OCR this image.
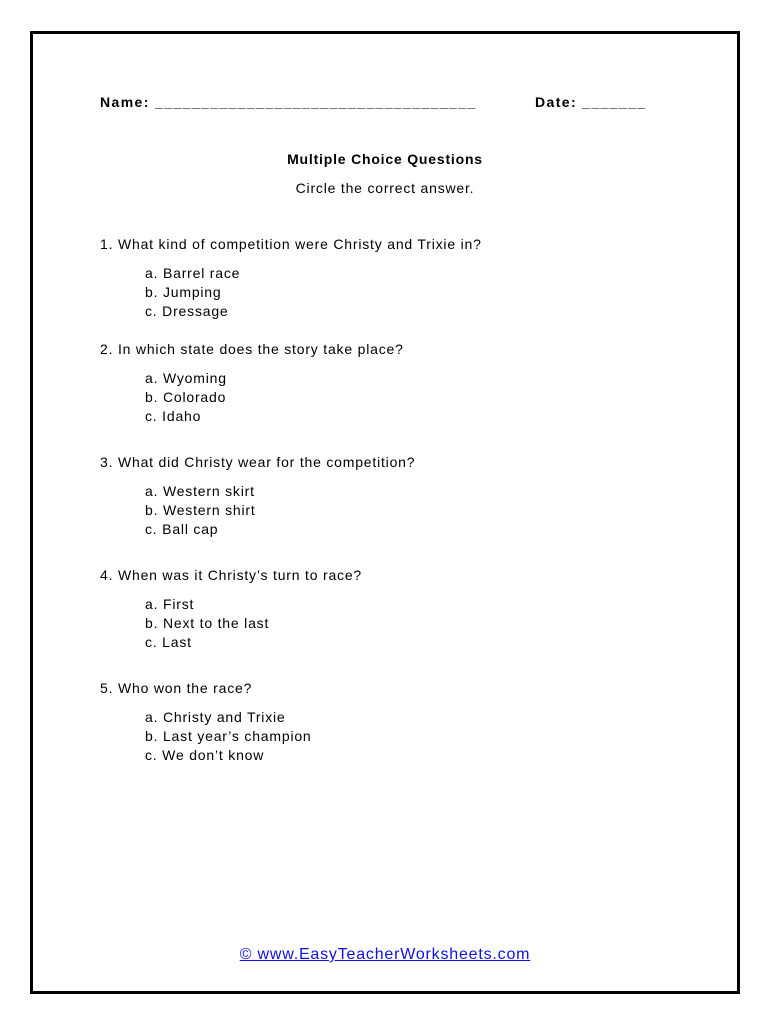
Name: ___________________________________	Date: _______
Multiple Choice Questions
Circle the correct answer.
1. What kind of competition were Christy and Trixie in?
a. Barrel race
b. Jumping
c. Dressage
2. In which state does the story take place?
a. Wyoming
b. Colorado
c. Idaho
3. What did Christy wear for the competition?
a. Western skirt
b. Western shirt
c. Ball cap
4. When was it Christy’s turn to race?
a. First
b. Next to the last
c. Last
5. Who won the race?
a. Christy and Trixie
b. Last year’s champion
c. We don’t know
© www.EasyTeacherWorksheets.com
